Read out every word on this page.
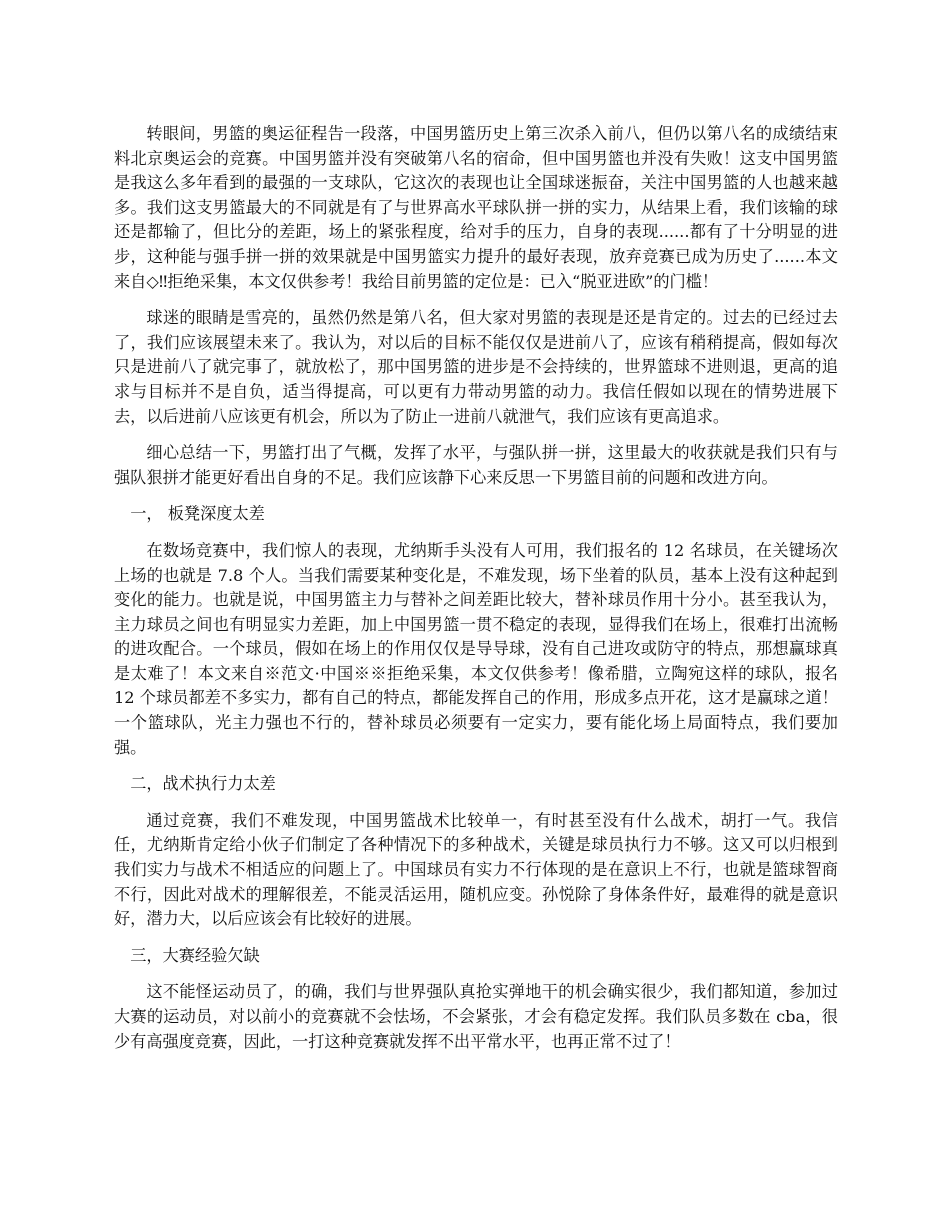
转眼间，男篮的奥运征程告一段落，中国男篮历史上第三次杀入前八，但仍以第八名的成绩结束料北京奥运会的竞赛。中国男篮并没有突破第八名的宿命，但中国男篮也并没有失败！这支中国男篮是我这么多年看到的最强的一支球队，它这次的表现也让全国球迷振奋，关注中国男篮的人也越来越多。我们这支男篮最大的不同就是有了与世界高水平球队拼一拼的实力，从结果上看，我们该输的球还是都输了，但比分的差距，场上的紧张程度，给对手的压力，自身的表现......都有了十分明显的进步，这种能与强手拼一拼的效果就是中国男篮实力提升的最好表现，放弃竞赛已成为历史了......本文来自◇‼拒绝采集，本文仅供参考！我给目前男篮的定位是：已入“脱亚进欧”的门槛！

球迷的眼睛是雪亮的，虽然仍然是第八名，但大家对男篮的表现是还是肯定的。过去的已经过去了，我们应该展望未来了。我认为，对以后的目标不能仅仅是进前八了，应该有稍稍提高，假如每次只是进前八了就完事了，就放松了，那中国男篮的进步是不会持续的，世界篮球不进则退，更高的追求与目标并不是自负，适当得提高，可以更有力带动男篮的动力。我信任假如以现在的情势进展下去，以后进前八应该更有机会，所以为了防止一进前八就泄气，我们应该有更高追求。

细心总结一下，男篮打出了气概，发挥了水平，与强队拼一拼，这里最大的收获就是我们只有与强队狠拼才能更好看出自身的不足。我们应该静下心来反思一下男篮目前的问题和改进方向。

一， 板凳深度太差

在数场竞赛中，我们惊人的表现，尤纳斯手头没有人可用，我们报名的 12 名球员，在关键场次上场的也就是 7.8 个人。当我们需要某种变化是，不难发现，场下坐着的队员，基本上没有这种起到变化的能力。也就是说，中国男篮主力与替补之间差距比较大，替补球员作用十分小。甚至我认为，主力球员之间也有明显实力差距，加上中国男篮一贯不稳定的表现，显得我们在场上，很难打出流畅的进攻配合。一个球员，假如在场上的作用仅仅是导导球，没有自己进攻或防守的特点，那想赢球真是太难了！本文来自※范文·中国※※拒绝采集，本文仅供参考！像希腊，立陶宛这样的球队，报名 12 个球员都差不多实力，都有自己的特点，都能发挥自己的作用，形成多点开花，这才是赢球之道！一个篮球队，光主力强也不行的，替补球员必须要有一定实力，要有能化场上局面特点，我们要加强。

二，战术执行力太差

通过竞赛，我们不难发现，中国男篮战术比较单一，有时甚至没有什么战术，胡打一气。我信任，尤纳斯肯定给小伙子们制定了各种情况下的多种战术，关键是球员执行力不够。这又可以归根到我们实力与战术不相适应的问题上了。中国球员有实力不行体现的是在意识上不行，也就是篮球智商不行，因此对战术的理解很差，不能灵活运用，随机应变。孙悦除了身体条件好，最难得的就是意识好，潜力大，以后应该会有比较好的进展。

三，大赛经验欠缺

这不能怪运动员了，的确，我们与世界强队真抢实弹地干的机会确实很少，我们都知道，参加过大赛的运动员，对以前小的竞赛就不会怯场，不会紧张，才会有稳定发挥。我们队员多数在 cba，很少有高强度竞赛，因此，一打这种竞赛就发挥不出平常水平，也再正常不过了！
